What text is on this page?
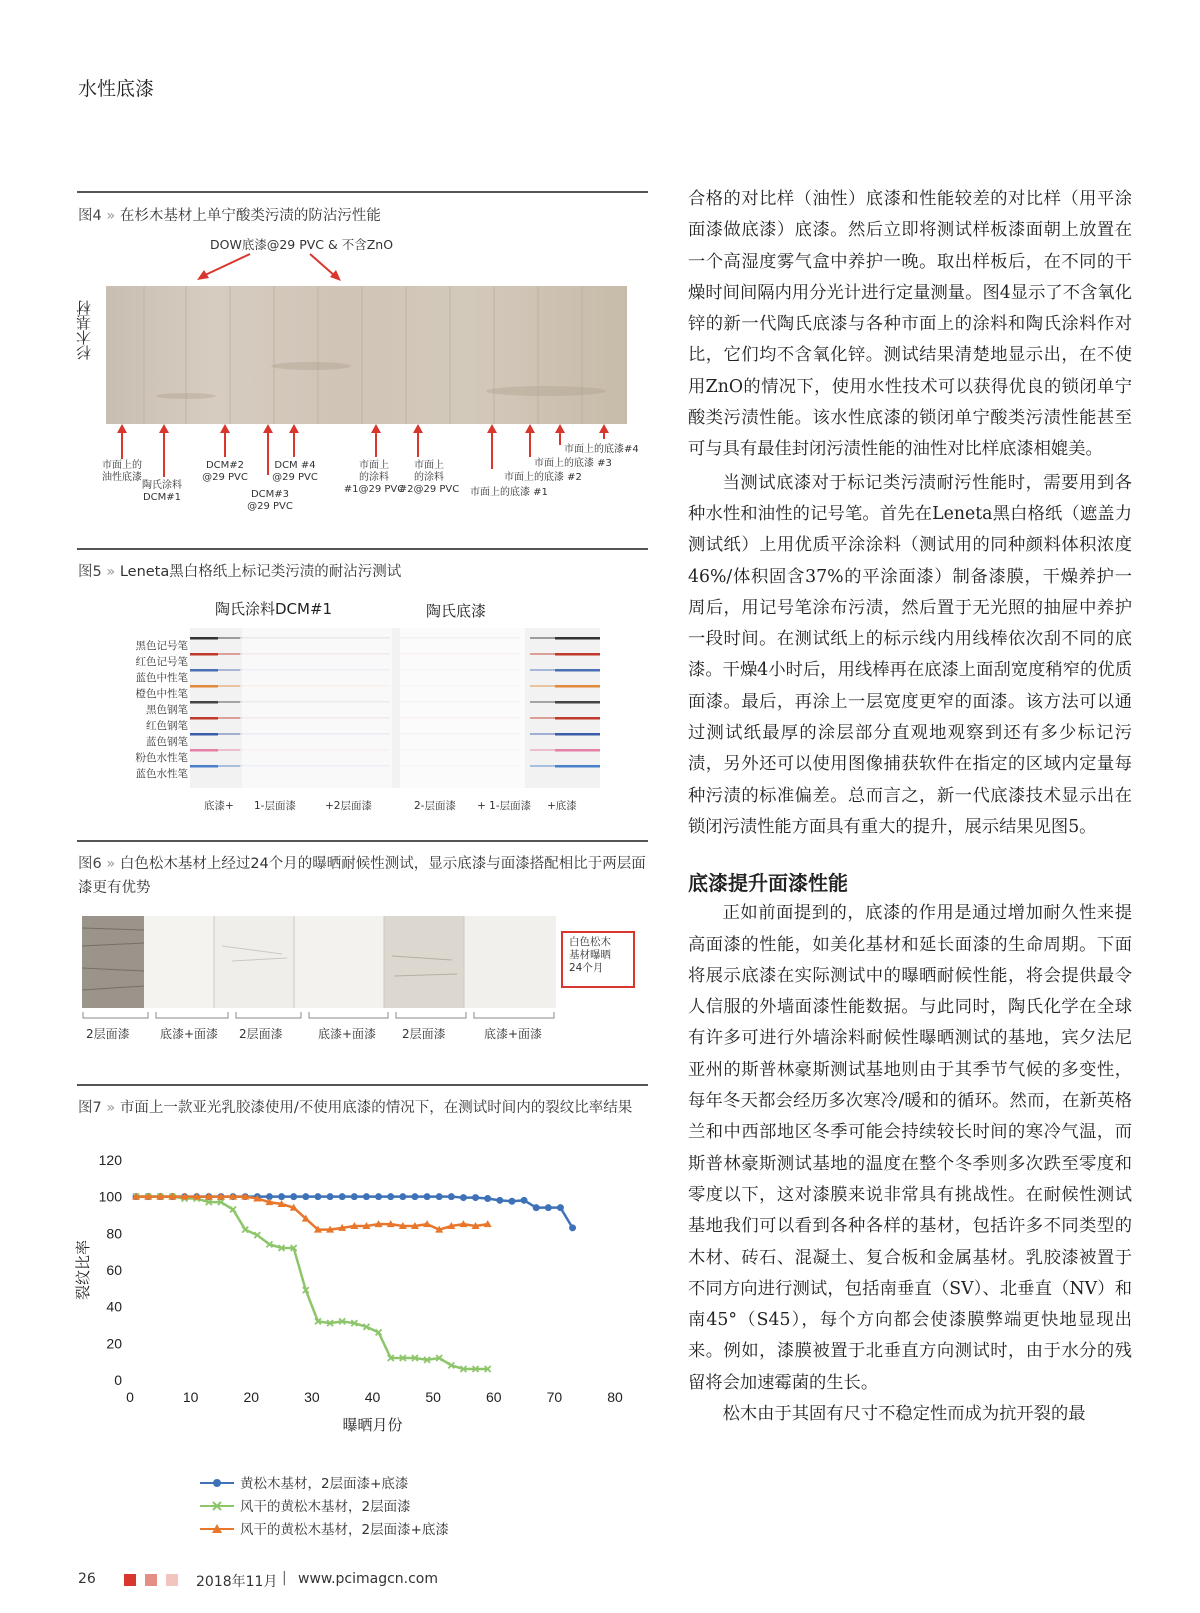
水性底漆
图4 » 在杉木基材上单宁酸类污渍的防沾污性能
DOW底漆@29 PVC & 不含ZnO
杉木基材
市面上的
油性底漆
陶氏涂料
DCM#1
DCM#2
@29 PVC
DCM#3
@29 PVC
DCM #4
@29 PVC
市面上
的涂料
#1@29 PVC
市面上
的涂料
#2@29 PVC	市面上的底漆 #1
市面上的底漆 #2
市面上的底漆 #3
市面上的底漆#4
图5 » Leneta黑白格纸上标记类污渍的耐沾污测试
陶氏涂料DCM#1	陶氏底漆
黑色记号笔
红色记号笔
蓝色中性笔
橙色中性笔
黑色钢笔
红色钢笔
蓝色钢笔
粉色水性笔
蓝色水性笔
底漆+ 1-层面漆	+2层面漆	2-层面漆 + 1-层面漆 +底漆
图6 » 白色松木基材上经过24个月的曝晒耐候性测试，显示底漆与面漆搭配相比于两层面漆更有优势
白色松木
基材曝晒
24个月
2层面漆	底漆+面漆 2层面漆	底漆+面漆 2层面漆	底漆+面漆
图7 » 市面上一款亚光乳胶漆使用/不使用底漆的情况下，在测试时间内的裂纹比率结果
0
20
40
60
80
100
120
0	10	20	30	40	50	60	70	80
曝晒月份
裂纹比率
黄松木基材，2层面漆+底漆
风干的黄松木基材，2层面漆
风干的黄松木基材，2层面漆+底漆

合格的对比样（油性）底漆和性能较差的对比样（用平涂面漆做底漆）底漆。然后立即将测试样板漆面朝上放置在一个高湿度雾气盒中养护一晚。取出样板后，在不同的干燥时间间隔内用分光计进行定量测量。图4显示了不含氧化锌的新一代陶氏底漆与各种市面上的涂料和陶氏涂料作对比，它们均不含氧化锌。测试结果清楚地显示出，在不使用ZnO的情况下，使用水性技术可以获得优良的锁闭单宁酸类污渍性能。该水性底漆的锁闭单宁酸类污渍性能甚至可与具有最佳封闭污渍性能的油性对比样底漆相媲美。

当测试底漆对于标记类污渍耐污性能时，需要用到各种水性和油性的记号笔。首先在Leneta黑白格纸（遮盖力测试纸）上用优质平涂涂料（测试用的同种颜料体积浓度46%/体积固含37%的平涂面漆）制备漆膜，干燥养护一周后，用记号笔涂布污渍，然后置于无光照的抽屉中养护一段时间。在测试纸上的标示线内用线棒依次刮不同的底漆。干燥4小时后，用线棒再在底漆上面刮宽度稍窄的优质面漆。最后，再涂上一层宽度更窄的面漆。该方法可以通过测试纸最厚的涂层部分直观地观察到还有多少标记污渍，另外还可以使用图像捕获软件在指定的区域内定量每种污渍的标准偏差。总而言之，新一代底漆技术显示出在锁闭污渍性能方面具有重大的提升，展示结果见图5。

底漆提升面漆性能

正如前面提到的，底漆的作用是通过增加耐久性来提高面漆的性能，如美化基材和延长面漆的生命周期。下面将展示底漆在实际测试中的曝晒耐候性能，将会提供最令人信服的外墙面漆性能数据。与此同时，陶氏化学在全球有许多可进行外墙涂料耐候性曝晒测试的基地，宾夕法尼亚州的斯普林豪斯测试基地则由于其季节气候的多变性，每年冬天都会经历多次寒冷/暖和的循环。然而，在新英格兰和中西部地区冬季可能会持续较长时间的寒冷气温，而斯普林豪斯测试基地的温度在整个冬季则多次跌至零度和零度以下，这对漆膜来说非常具有挑战性。在耐候性测试基地我们可以看到各种各样的基材，包括许多不同类型的木材、砖石、混凝土、复合板和金属基材。乳胶漆被置于不同方向进行测试，包括南垂直（SV）、北垂直（NV）和南45°（S45），每个方向都会使漆膜弊端更快地显现出来。例如，漆膜被置于北垂直方向测试时，由于水分的残留将会加速霉菌的生长。

松木由于其固有尺寸不稳定性而成为抗开裂的最

26	2018年11月 | www.pcimagcn.com
